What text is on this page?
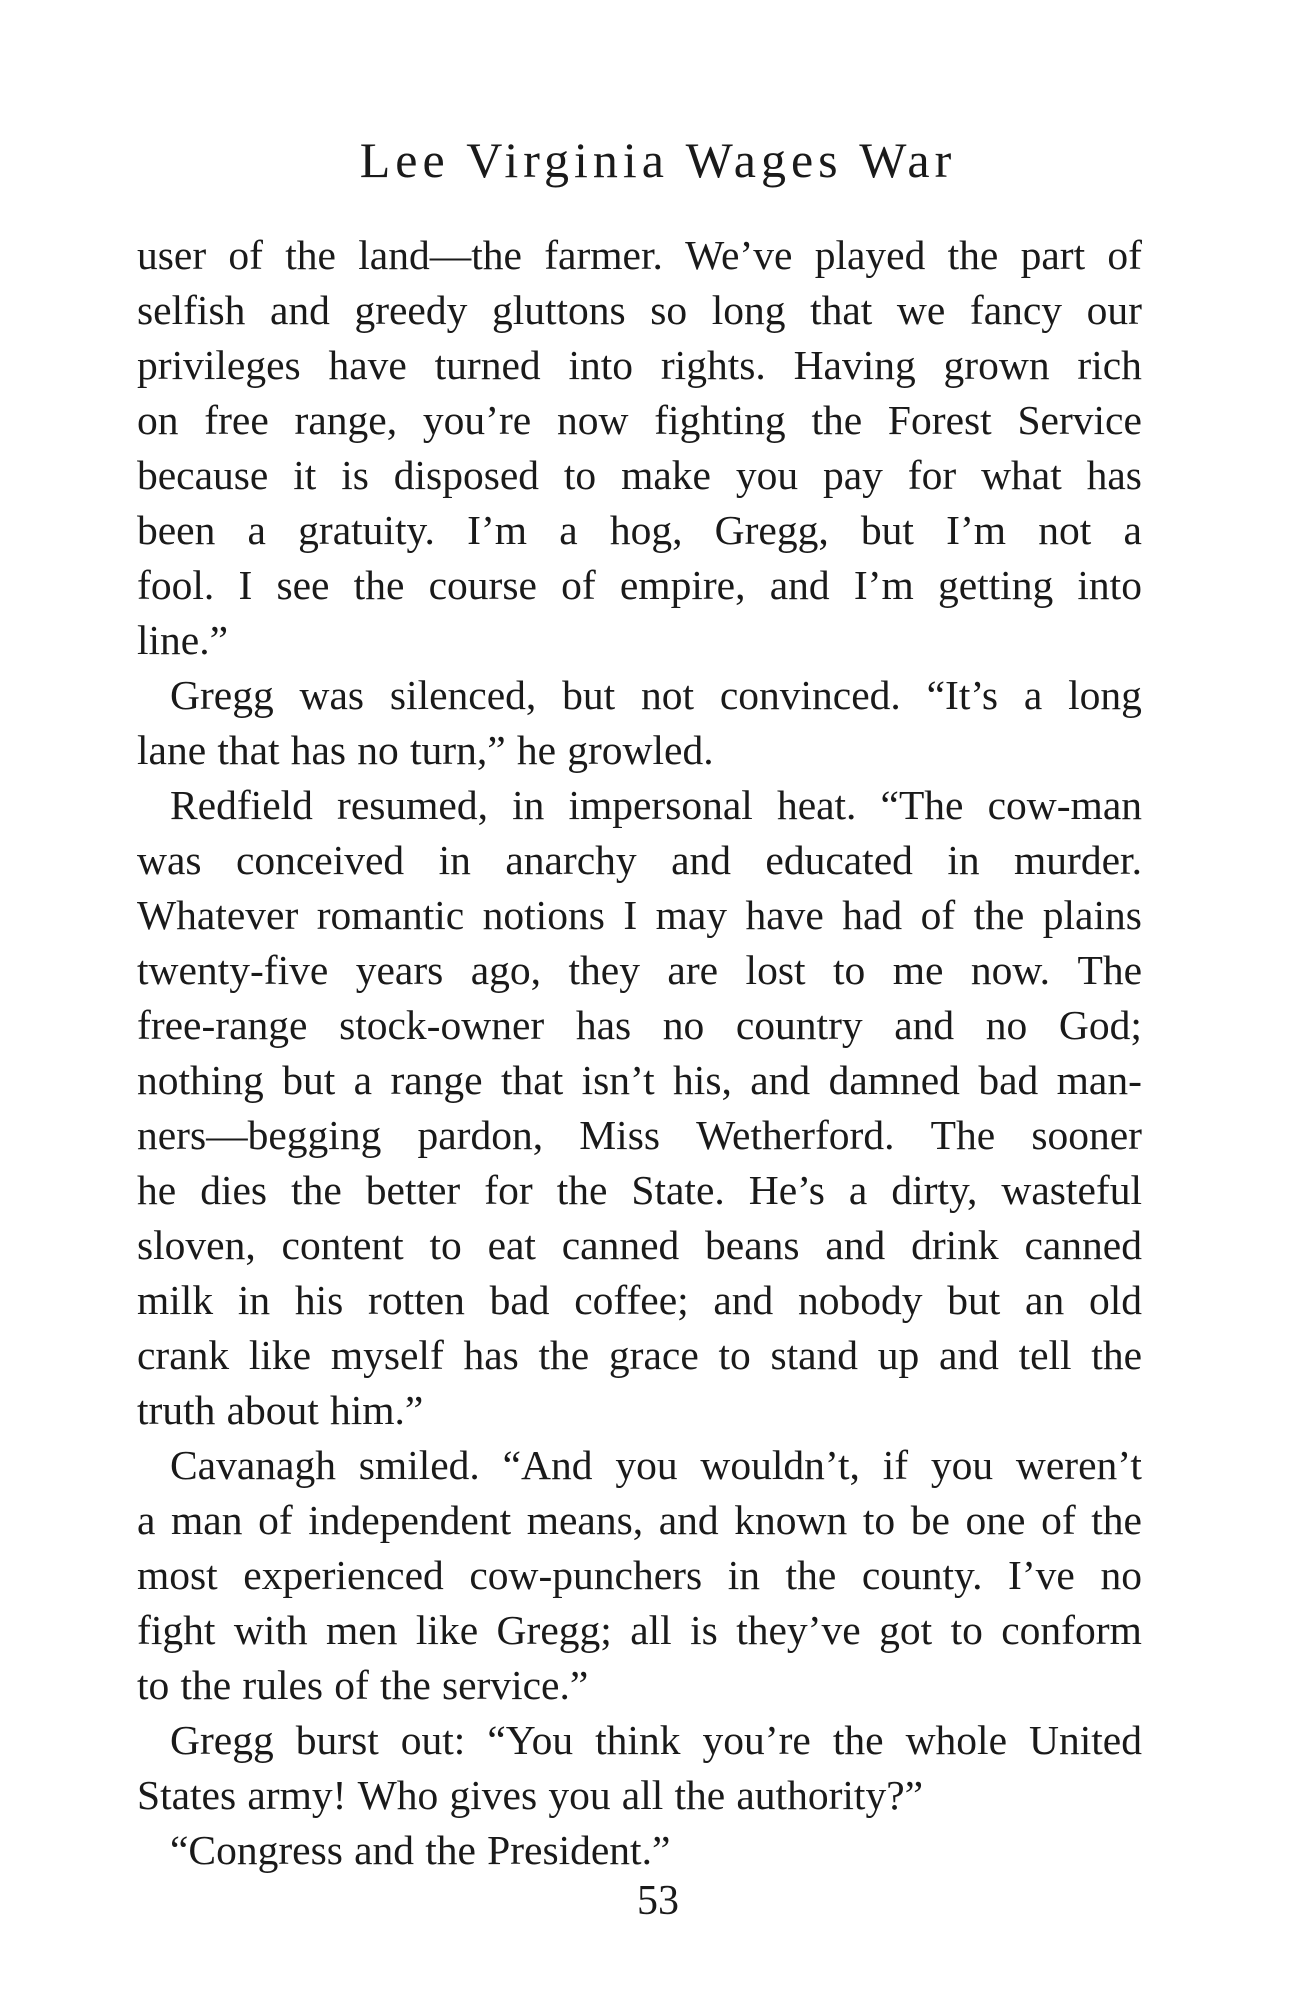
Lee Virginia Wages War
user of the land—the farmer. We’ve played the part of
selfish and greedy gluttons so long that we fancy our
privileges have turned into rights. Having grown rich
on free range, you’re now fighting the Forest Service
because it is disposed to make you pay for what has
been a gratuity. I’m a hog, Gregg, but I’m not a
fool. I see the course of empire, and I’m getting into
line.”
Gregg was silenced, but not convinced. “It’s a long
lane that has no turn,” he growled.
Redfield resumed, in impersonal heat. “The cow-man
was conceived in anarchy and educated in murder.
Whatever romantic notions I may have had of the plains
twenty-five years ago, they are lost to me now. The
free-range stock-owner has no country and no God;
nothing but a range that isn’t his, and damned bad man-
ners—begging pardon, Miss Wetherford. The sooner
he dies the better for the State. He’s a dirty, wasteful
sloven, content to eat canned beans and drink canned
milk in his rotten bad coffee; and nobody but an old
crank like myself has the grace to stand up and tell the
truth about him.”
Cavanagh smiled. “And you wouldn’t, if you weren’t
a man of independent means, and known to be one of the
most experienced cow-punchers in the county. I’ve no
fight with men like Gregg; all is they’ve got to conform
to the rules of the service.”
Gregg burst out: “You think you’re the whole United
States army! Who gives you all the authority?”
“Congress and the President.”
53
